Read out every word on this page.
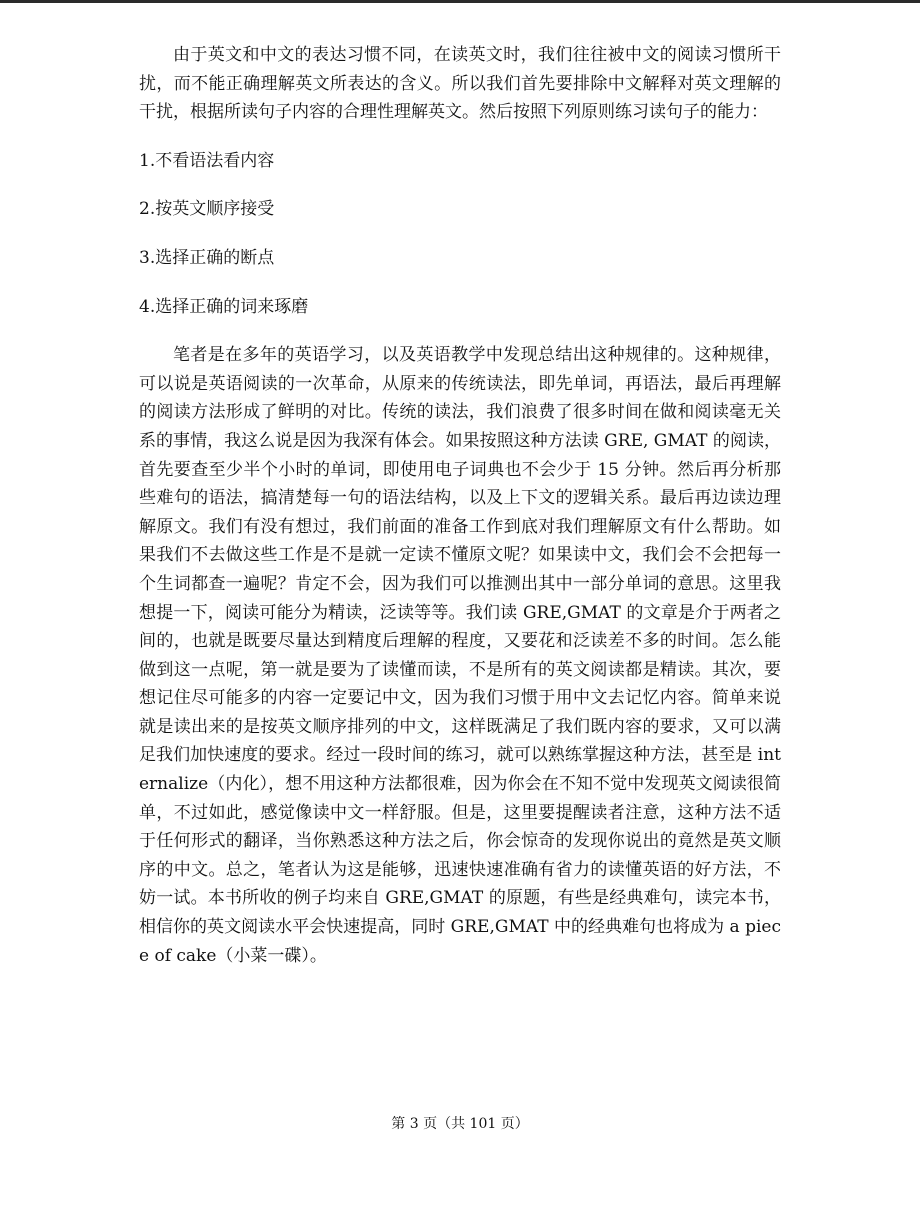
由于英文和中文的表达习惯不同，在读英文时，我们往往被中文的阅读习惯所干扰，而不能正确理解英文所表达的含义。所以我们首先要排除中文解释对英文理解的干扰，根据所读句子内容的合理性理解英文。然后按照下列原则练习读句子的能力：

1.不看语法看内容

2.按英文顺序接受

3.选择正确的断点

4.选择正确的词来琢磨

笔者是在多年的英语学习，以及英语教学中发现总结出这种规律的。这种规律，可以说是英语阅读的一次革命，从原来的传统读法，即先单词，再语法，最后再理解的阅读方法形成了鲜明的对比。传统的读法，我们浪费了很多时间在做和阅读毫无关系的事情，我这么说是因为我深有体会。如果按照这种方法读 GRE, GMAT 的阅读，首先要查至少半个小时的单词，即使用电子词典也不会少于 15 分钟。然后再分析那些难句的语法，搞清楚每一句的语法结构，以及上下文的逻辑关系。最后再边读边理解原文。我们有没有想过，我们前面的准备工作到底对我们理解原文有什么帮助。如果我们不去做这些工作是不是就一定读不懂原文呢？如果读中文，我们会不会把每一个生词都查一遍呢？肯定不会，因为我们可以推测出其中一部分单词的意思。这里我想提一下，阅读可能分为精读，泛读等等。我们读 GRE,GMAT 的文章是介于两者之间的，也就是既要尽量达到精度后理解的程度，又要花和泛读差不多的时间。怎么能做到这一点呢，第一就是要为了读懂而读，不是所有的英文阅读都是精读。其次，要想记住尽可能多的内容一定要记中文，因为我们习惯于用中文去记忆内容。简单来说就是读出来的是按英文顺序排列的中文，这样既满足了我们既内容的要求，又可以满足我们加快速度的要求。经过一段时间的练习，就可以熟练掌握这种方法，甚至是 internalize（内化），想不用这种方法都很难，因为你会在不知不觉中发现英文阅读很简单，不过如此，感觉像读中文一样舒服。但是，这里要提醒读者注意，这种方法不适于任何形式的翻译，当你熟悉这种方法之后，你会惊奇的发现你说出的竟然是英文顺序的中文。总之，笔者认为这是能够，迅速快速准确有省力的读懂英语的好方法，不妨一试。本书所收的例子均来自 GRE,GMAT 的原题，有些是经典难句，读完本书，相信你的英文阅读水平会快速提高，同时 GRE,GMAT 中的经典难句也将成为 a piece of cake（小菜一碟）。

第 3 页（共 101 页）
